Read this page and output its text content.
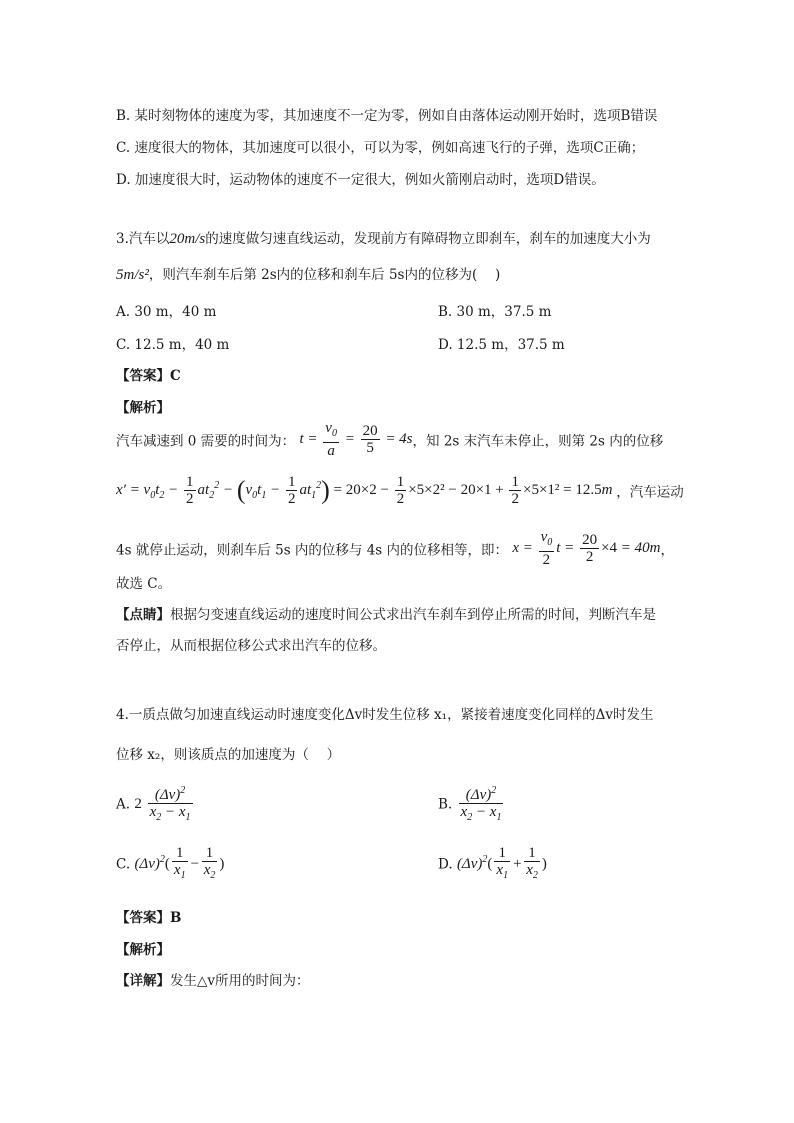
B. 某时刻物体的速度为零，其加速度不一定为零，例如自由落体运动刚开始时，选项B错误
C. 速度很大的物体，其加速度可以很小，可以为零，例如高速飞行的子弹，选项C正确；
D. 加速度很大时，运动物体的速度不一定很大，例如火箭刚启动时，选项D错误。
3.汽车以20m/s的速度做匀速直线运动，发现前方有障碍物立即刹车，刹车的加速度大小为
5m/s²，则汽车刹车后第 2s内的位移和刹车后 5s内的位移为(　 )
A. 30 m，40 m	B. 30 m，37.5 m
C. 12.5 m，40 m	D. 12.5 m，37.5 m
【答案】C
【解析】
汽车减速到 0 需要的时间为： $t = \frac{v_0}{a} = \frac{20}{5} = 4s$，知 2s 末汽车未停止，则第 2s 内的位移
$x' = v_0t_2 - \frac{1}{2} at_2^2 - (v_0t_1 - \frac{1}{2} at_1^2) = 20\times 2 - \frac{1}{2} \times 5\times 2^2 - 20\times 1 + \frac{1}{2} \times 5\times 1^2 = 12.5m$ ，汽车运动
4s 就停止运动，则刹车后 5s 内的位移与 4s 内的位移相等，即： $x = \frac{v_0}{2}$ $t = \frac{20}{2} \times 4 = 40m$，
故选 C。
【点睛】根据匀变速直线运动的速度时间公式求出汽车刹车到停止所需的时间，判断汽车是
否停止，从而根据位移公式求出汽车的位移。
4.一质点做匀加速直线运动时速度变化Δv时发生位移 x₁，紧接着速度变化同样的Δv时发生
位移 x₂，则该质点的加速度为（　 ）
A. $2 \frac{(\Delta v)^2}{x_2 - x_1}$	B. $\frac{(\Delta v)^2}{x_2 - x_1}$
C. $(\Delta v)^2( \frac{1}{x_1} - \frac{1}{x_2}$ )	D. $(\Delta v)^2( \frac{1}{x_1} + \frac{1}{x_2}$ )
【答案】B
【解析】
【详解】发生△v所用的时间为：
